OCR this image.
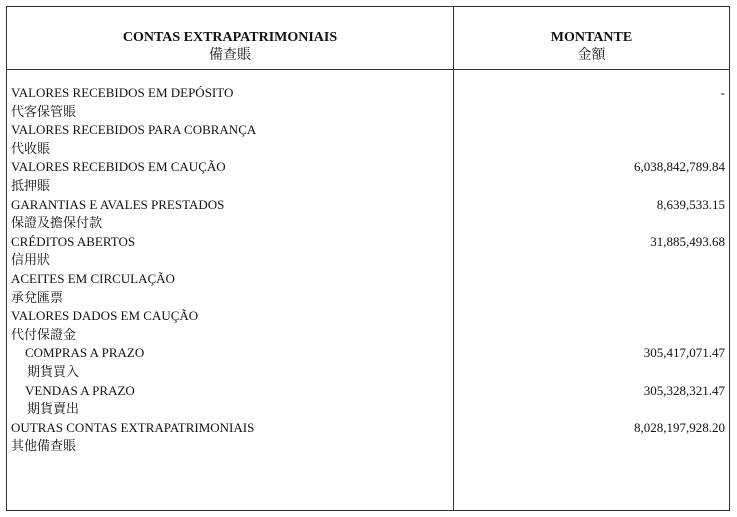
CONTAS EXTRAPATRIMONIAIS
備查賬
MONTANTE
金額
VALORES RECEBIDOS EM DEPÓSITO	-
代客保管賬
VALORES RECEBIDOS PARA COBRANÇA
代收賬
VALORES RECEBIDOS EM CAUÇÃO	6,038,842,789.84
抵押賬
GARANTIAS E AVALES PRESTADOS	8,639,533.15
保證及擔保付款
CRÉDITOS ABERTOS	31,885,493.68
信用狀
ACEITES EM CIRCULAÇÃO
承兌匯票
VALORES DADOS EM CAUÇÃO
代付保證金
COMPRAS A PRAZO	305,417,071.47
期貨買入
VENDAS A PRAZO	305,328,321.47
期貨賣出
OUTRAS CONTAS EXTRAPATRIMONIAIS	8,028,197,928.20
其他備查賬
